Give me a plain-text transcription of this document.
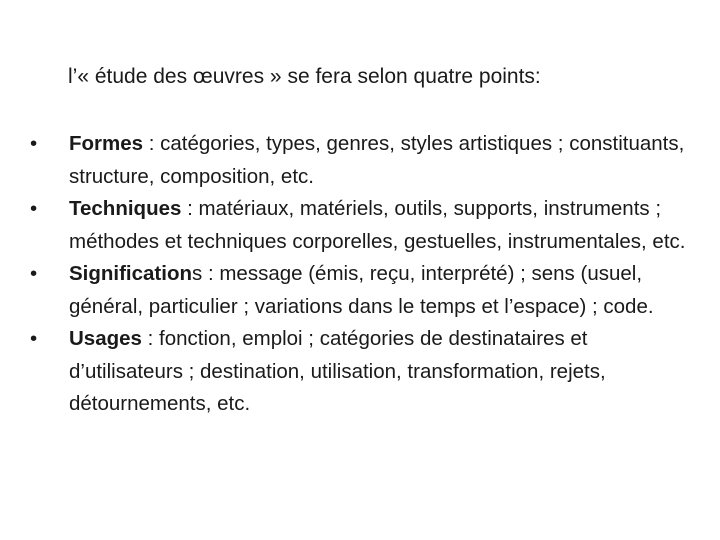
l’« étude des œuvres » se fera selon quatre points:
•	Formes : catégories, types, genres, styles artistiques ; constituants, structure, composition, etc.
•	Techniques : matériaux, matériels, outils, supports, instruments ; méthodes et techniques corporelles, gestuelles, instrumentales, etc.
•	Significations : message (émis, reçu, interprété) ; sens (usuel, général, particulier ; variations dans le temps et l’espace) ; code.
•	Usages : fonction, emploi ; catégories de destinataires et d’utilisateurs ; destination, utilisation, transformation, rejets, détournements, etc.
